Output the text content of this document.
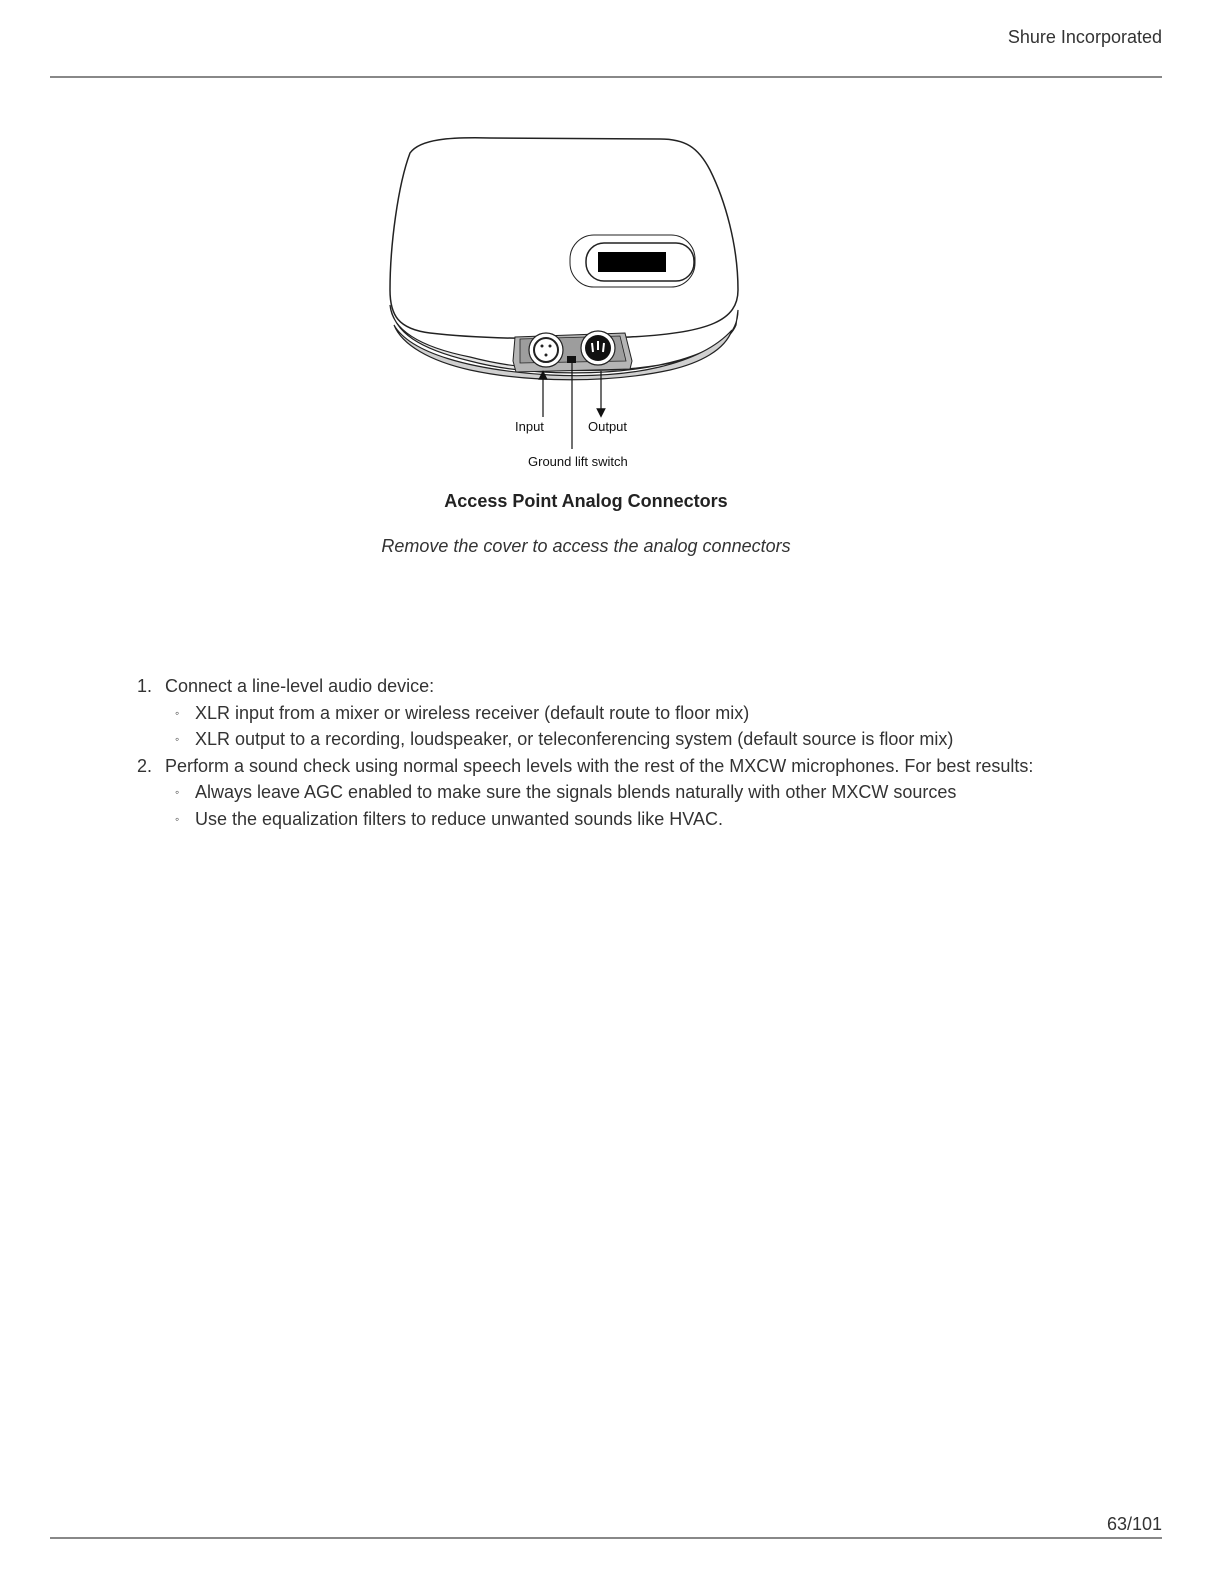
Shure Incorporated
Input	Output
Ground lift switch
Access Point Analog Connectors
Remove the cover to access the analog connectors
1. Connect a line-level audio device:
◦ XLR input from a mixer or wireless receiver (default route to floor mix)
◦ XLR output to a recording, loudspeaker, or teleconferencing system (default source is floor mix)
2. Perform a sound check using normal speech levels with the rest of the MXCW microphones. For best results:
◦ Always leave AGC enabled to make sure the signals blends naturally with other MXCW sources
◦ Use the equalization filters to reduce unwanted sounds like HVAC.
63/101
